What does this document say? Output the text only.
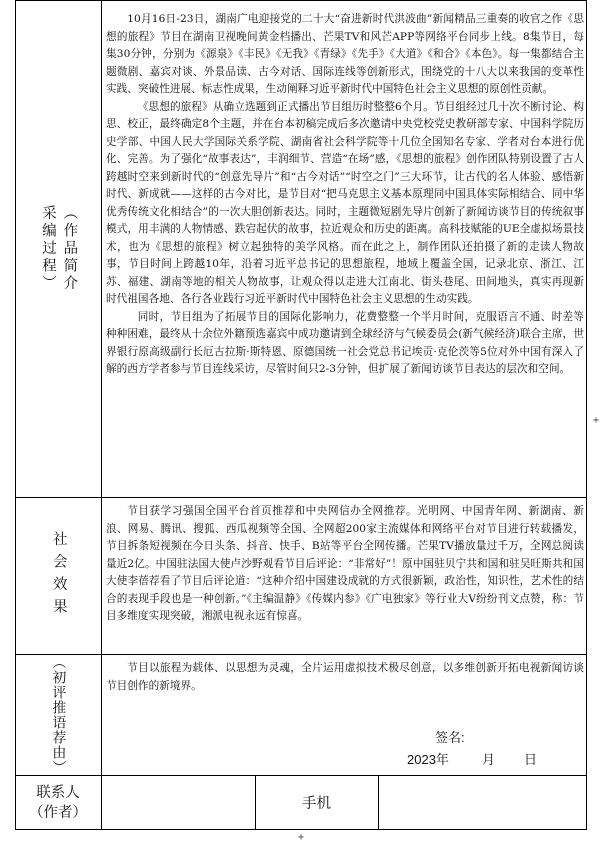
（作品简介
采编过程）

10月16日-23日，湖南广电迎接党的二十大“奋进新时代洪波曲”新闻精品三重奏的收官之作《思想的旅程》节目在湖南卫视晚间黄金档播出、芒果TV和风芒APP等网络平台同步上线。8集节目，每集30分钟，分别为《源泉》《丰民》《无我》《青绿》《先手》《大道》《和合》《本色》。每一集都结合主题微剧、嘉宾对谈、外景品读、古今对话、国际连线等创新形式，围绕党的十八大以来我国的变革性实践、突破性进展、标志性成果，生动阐释习近平新时代中国特色社会主义思想的原创性贡献。

《思想的旅程》从确立选题到正式播出节目组历时整整6个月。节目组经过几十次不断讨论、构思、校正，最终确定8个主题，并在台本初稿完成后多次邀请中央党校党史教研部专家、中国科学院历史学部、中国人民大学国际关系学院、湖南省社会科学院等十几位全国知名专家、学者对台本进行优化、完善。为了强化“故事表达”，丰润细节、营造“在场”感，《思想的旅程》创作团队特别设置了古人跨越时空来到新时代的“创意先导片”和“古今对话”“时空之门”三大环节，让古代的名人体验、感悟新时代、新成就——这样的古今对比，是节目对“把马克思主义基本原理同中国具体实际相结合、同中华优秀传统文化相结合”的一次大胆创新表达。同时，主题微短剧先导片创新了新闻访谈节目的传统叙事模式，用丰满的人物情感、跌宕起伏的故事，拉近观众和历史的距离。高科技赋能的UE全虚拟场景技术，也为《思想的旅程》树立起独特的美学风格。而在此之上，制作团队还拍摄了新的走读人物故事，节目时间上跨越10年，沿着习近平总书记的思想旅程，地域上覆盖全国，记录北京、浙江、江苏、福建、湖南等地的相关人物故事，让观众得以走进大江南北、街头巷尾、田间地头，真实再现新时代祖国各地、各行各业践行习近平新时代中国特色社会主义思想的生动实践。

同时，节目组为了拓展节目的国际化影响力，花费整整一个半月时间，克服语言不通、时差等种种困难，最终从十余位外籍预选嘉宾中成功邀请到全球经济与气候委员会(新气候经济)联合主席，世界银行原高级副行长厄古拉斯·斯特恩、原德国统一社会党总书记埃贡·克伦茨等5位对外中国有深入了解的西方学者参与节目连线采访，尽管时间只2-3分钟，但扩展了新闻访谈节目表达的层次和空间。

社会效果

节目获学习强国全国平台首页推荐和中央网信办全网推荐。光明网、中国青年网、新湖南、新浪、网易、腾讯、搜狐、西瓜视频等全国、全网超200家主流媒体和网络平台对节目进行转载播发，节目拆条短视频在今日头条、抖音、快手、B站等平台全网传播。芒果TV播放量过千万，全网总阅读量近2亿。中国驻法国大使卢沙野观看节目后评论：“非常好”！原中国驻贝宁共和国和驻吴旺斯共和国大使李蓓荐看了节目后评论道：“这种介绍中国建设成就的方式很新颖，政治性，知识性，艺术性的结合的表现手段也是一种创新。”《主编温静》《传媒内参》《广电独家》等行业大V纷纷刊文点赞，称：节目多维度实现突破，湘派电视永远有惊喜。

（初评推语荐由）	节目以旅程为载体、以思想为灵魂，全片运用虚拟技术极尽创意，以多维创新开拓电视新闻访谈节目创作的新境界。

签名:
2023年	月 日
联系人（作者）
手机
+
+
